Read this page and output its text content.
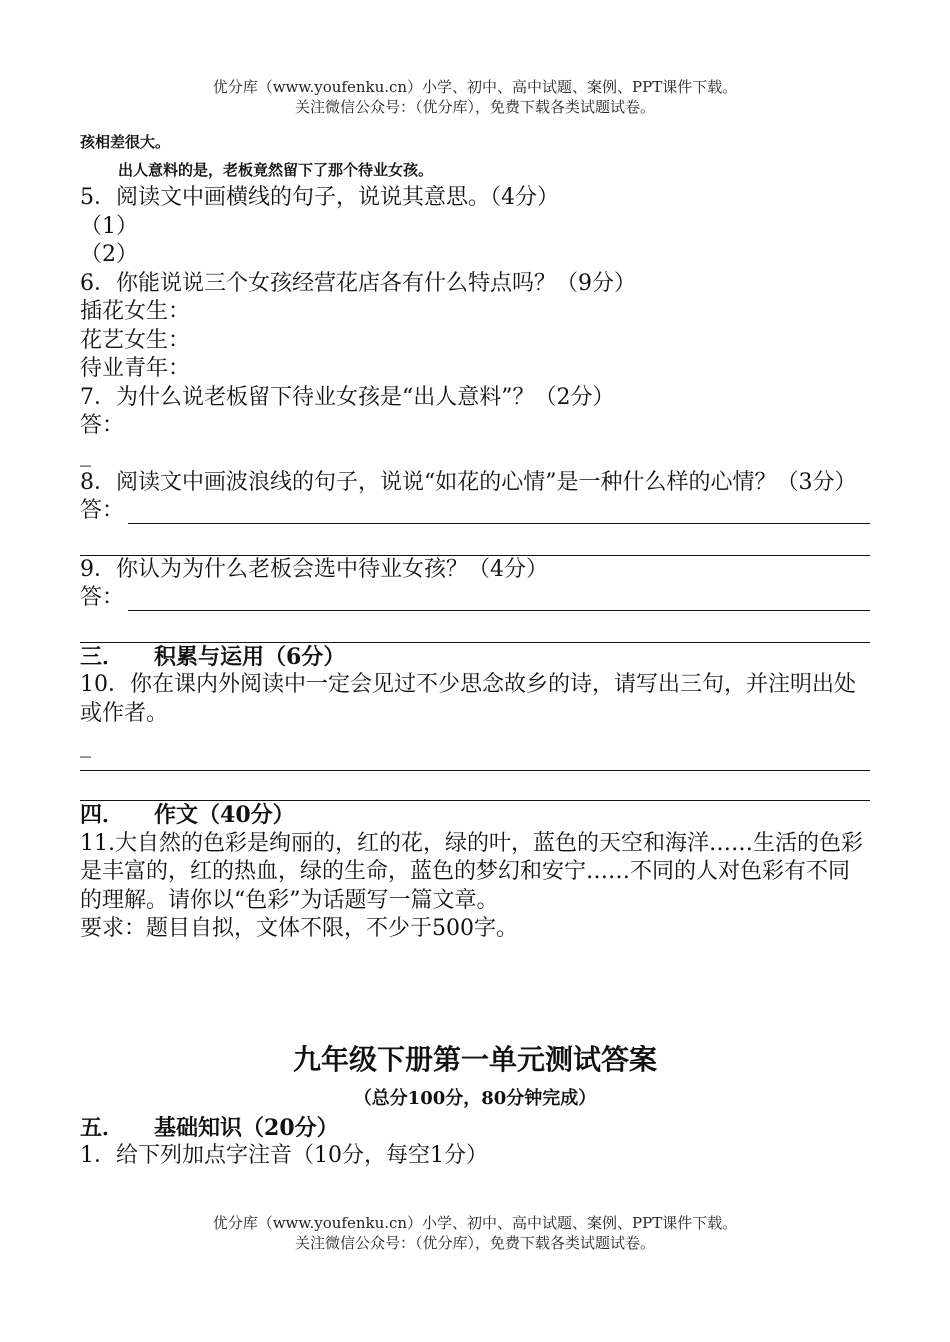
优分库（www.youfenku.cn）小学、初中、高中试题、案例、PPT课件下载。
关注微信公众号：（优分库），免费下载各类试题试卷。
孩相差很大。
出人意料的是，老板竟然留下了那个待业女孩。
5．阅读文中画横线的句子，说说其意思。（4分）
（1）
（2）
6．你能说说三个女孩经营花店各有什么特点吗？（9分）
插花女生：
花艺女生：
待业青年：
7．为什么说老板留下待业女孩是“出人意料”？（2分）
答：
_
8．阅读文中画波浪线的句子，说说“如花的心情”是一种什么样的心情？（3分）
答：
9．你认为为什么老板会选中待业女孩？（4分）
答：
三． 积累与运用（6分）
10．你在课内外阅读中一定会见过不少思念故乡的诗，请写出三句，并注明出处或作者。
_
四． 作文（40分）
11.大自然的色彩是绚丽的，红的花，绿的叶，蓝色的天空和海洋……生活的色彩是丰富的，红的热血，绿的生命，蓝色的梦幻和安宁……不同的人对色彩有不同的理解。请你以“色彩”为话题写一篇文章。
要求：题目自拟，文体不限，不少于500字。
九年级下册第一单元测试答案
（总分100分，80分钟完成）
五． 基础知识（20分）
1．给下列加点字注音（10分，每空1分）
优分库（www.youfenku.cn）小学、初中、高中试题、案例、PPT课件下载。
关注微信公众号：（优分库），免费下载各类试题试卷。
